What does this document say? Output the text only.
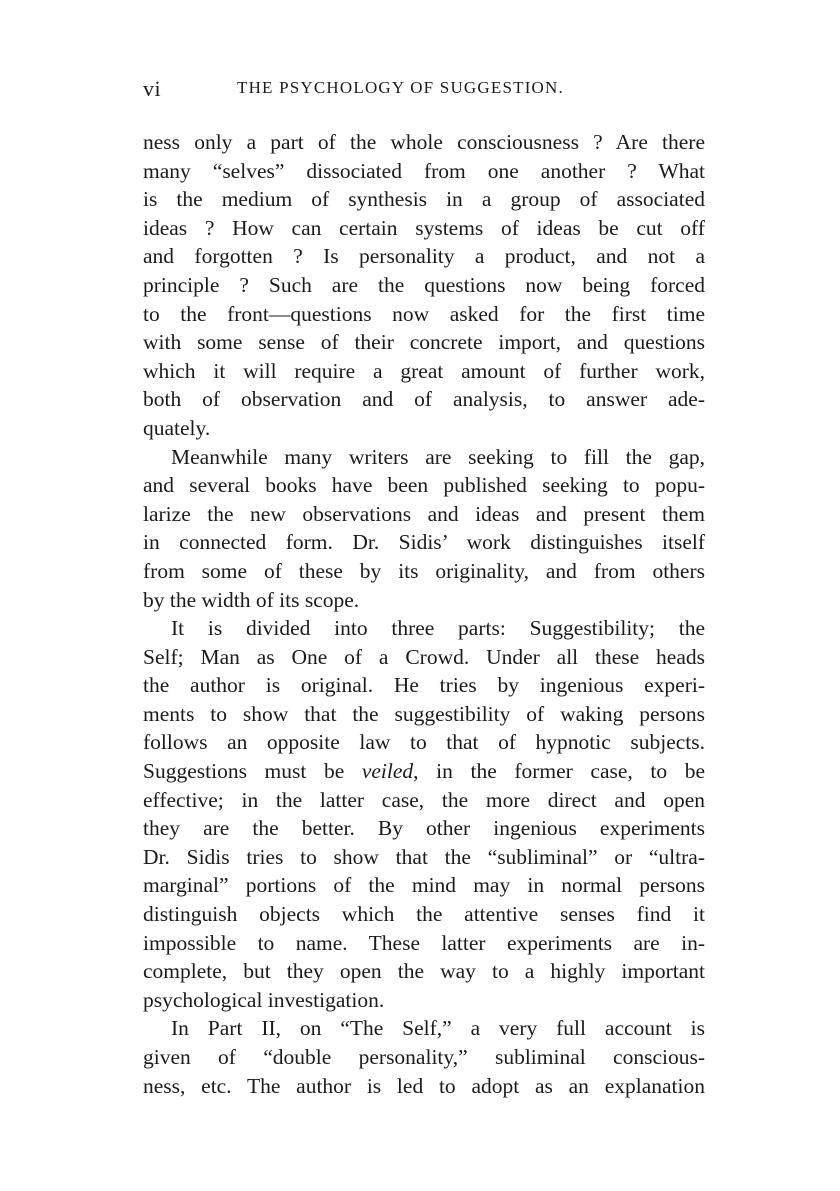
vi	THE PSYCHOLOGY OF SUGGESTION.
ness only a part of the whole consciousness ? Are there
many “selves” dissociated from one another ? What
is the medium of synthesis in a group of associated
ideas ? How can certain systems of ideas be cut off
and forgotten ? Is personality a product, and not a
principle ? Such are the questions now being forced
to the front—questions now asked for the first time
with some sense of their concrete import, and questions
which it will require a great amount of further work,
both of observation and of analysis, to answer ade-
quately.
Meanwhile many writers are seeking to fill the gap,
and several books have been published seeking to popu-
larize the new observations and ideas and present them
in connected form. Dr. Sidis’ work distinguishes itself
from some of these by its originality, and from others
by the width of its scope.
It is divided into three parts: Suggestibility; the
Self; Man as One of a Crowd. Under all these heads
the author is original. He tries by ingenious experi-
ments to show that the suggestibility of waking persons
follows an opposite law to that of hypnotic subjects.
Suggestions must be veiled, in the former case, to be
effective; in the latter case, the more direct and open
they are the better. By other ingenious experiments
Dr. Sidis tries to show that the “subliminal” or “ultra-
marginal” portions of the mind may in normal persons
distinguish objects which the attentive senses find it
impossible to name. These latter experiments are in-
complete, but they open the way to a highly important
psychological investigation.
In Part II, on “The Self,” a very full account is
given of “double personality,” subliminal conscious-
ness, etc. The author is led to adopt as an explanation
